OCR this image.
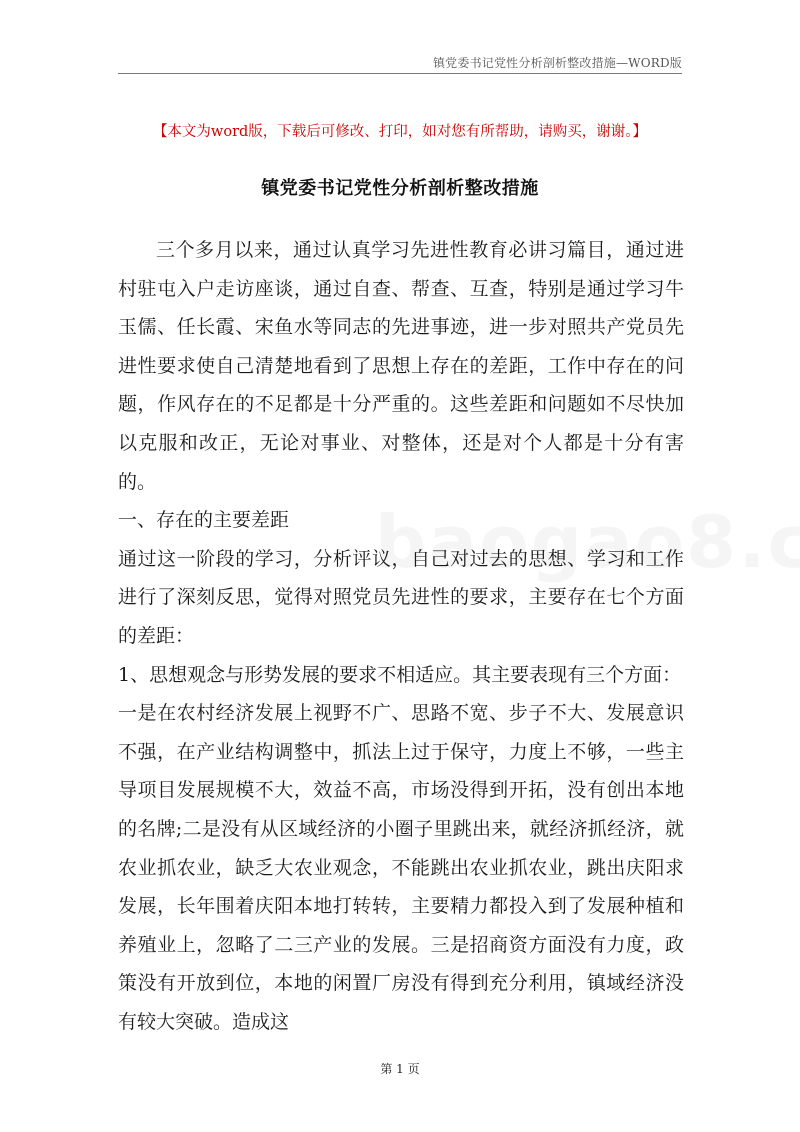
镇党委书记党性分析剖析整改措施—WORD版
【本文为word版，下载后可修改、打印，如对您有所帮助，请购买，谢谢。】
镇党委书记党性分析剖析整改措施

三个多月以来，通过认真学习先进性教育必讲习篇目，通过进村驻屯入户走访座谈，通过自查、帮查、互查，特别是通过学习牛玉儒、任长霞、宋鱼水等同志的先进事迹，进一步对照共产党员先进性要求使自己清楚地看到了思想上存在的差距，工作中存在的问题，作风存在的不足都是十分严重的。这些差距和问题如不尽快加以克服和改正，无论对事业、对整体，还是对个人都是十分有害的。

一、存在的主要差距

通过这一阶段的学习，分析评议，自己对过去的思想、学习和工作进行了深刻反思，觉得对照党员先进性的要求，主要存在七个方面的差距：

1、思想观念与形势发展的要求不相适应。其主要表现有三个方面：

一是在农村经济发展上视野不广、思路不宽、步子不大、发展意识不强，在产业结构调整中，抓法上过于保守，力度上不够，一些主导项目发展规模不大，效益不高，市场没得到开拓，没有创出本地的名牌;二是没有从区域经济的小圈子里跳出来，就经济抓经济，就农业抓农业，缺乏大农业观念，不能跳出农业抓农业，跳出庆阳求发展，长年围着庆阳本地打转转，主要精力都投入到了发展种植和养殖业上，忽略了二三产业的发展。三是招商资方面没有力度，政策没有开放到位，本地的闲置厂房没有得到充分利用，镇域经济没有较大突破。造成这

第 1 页
